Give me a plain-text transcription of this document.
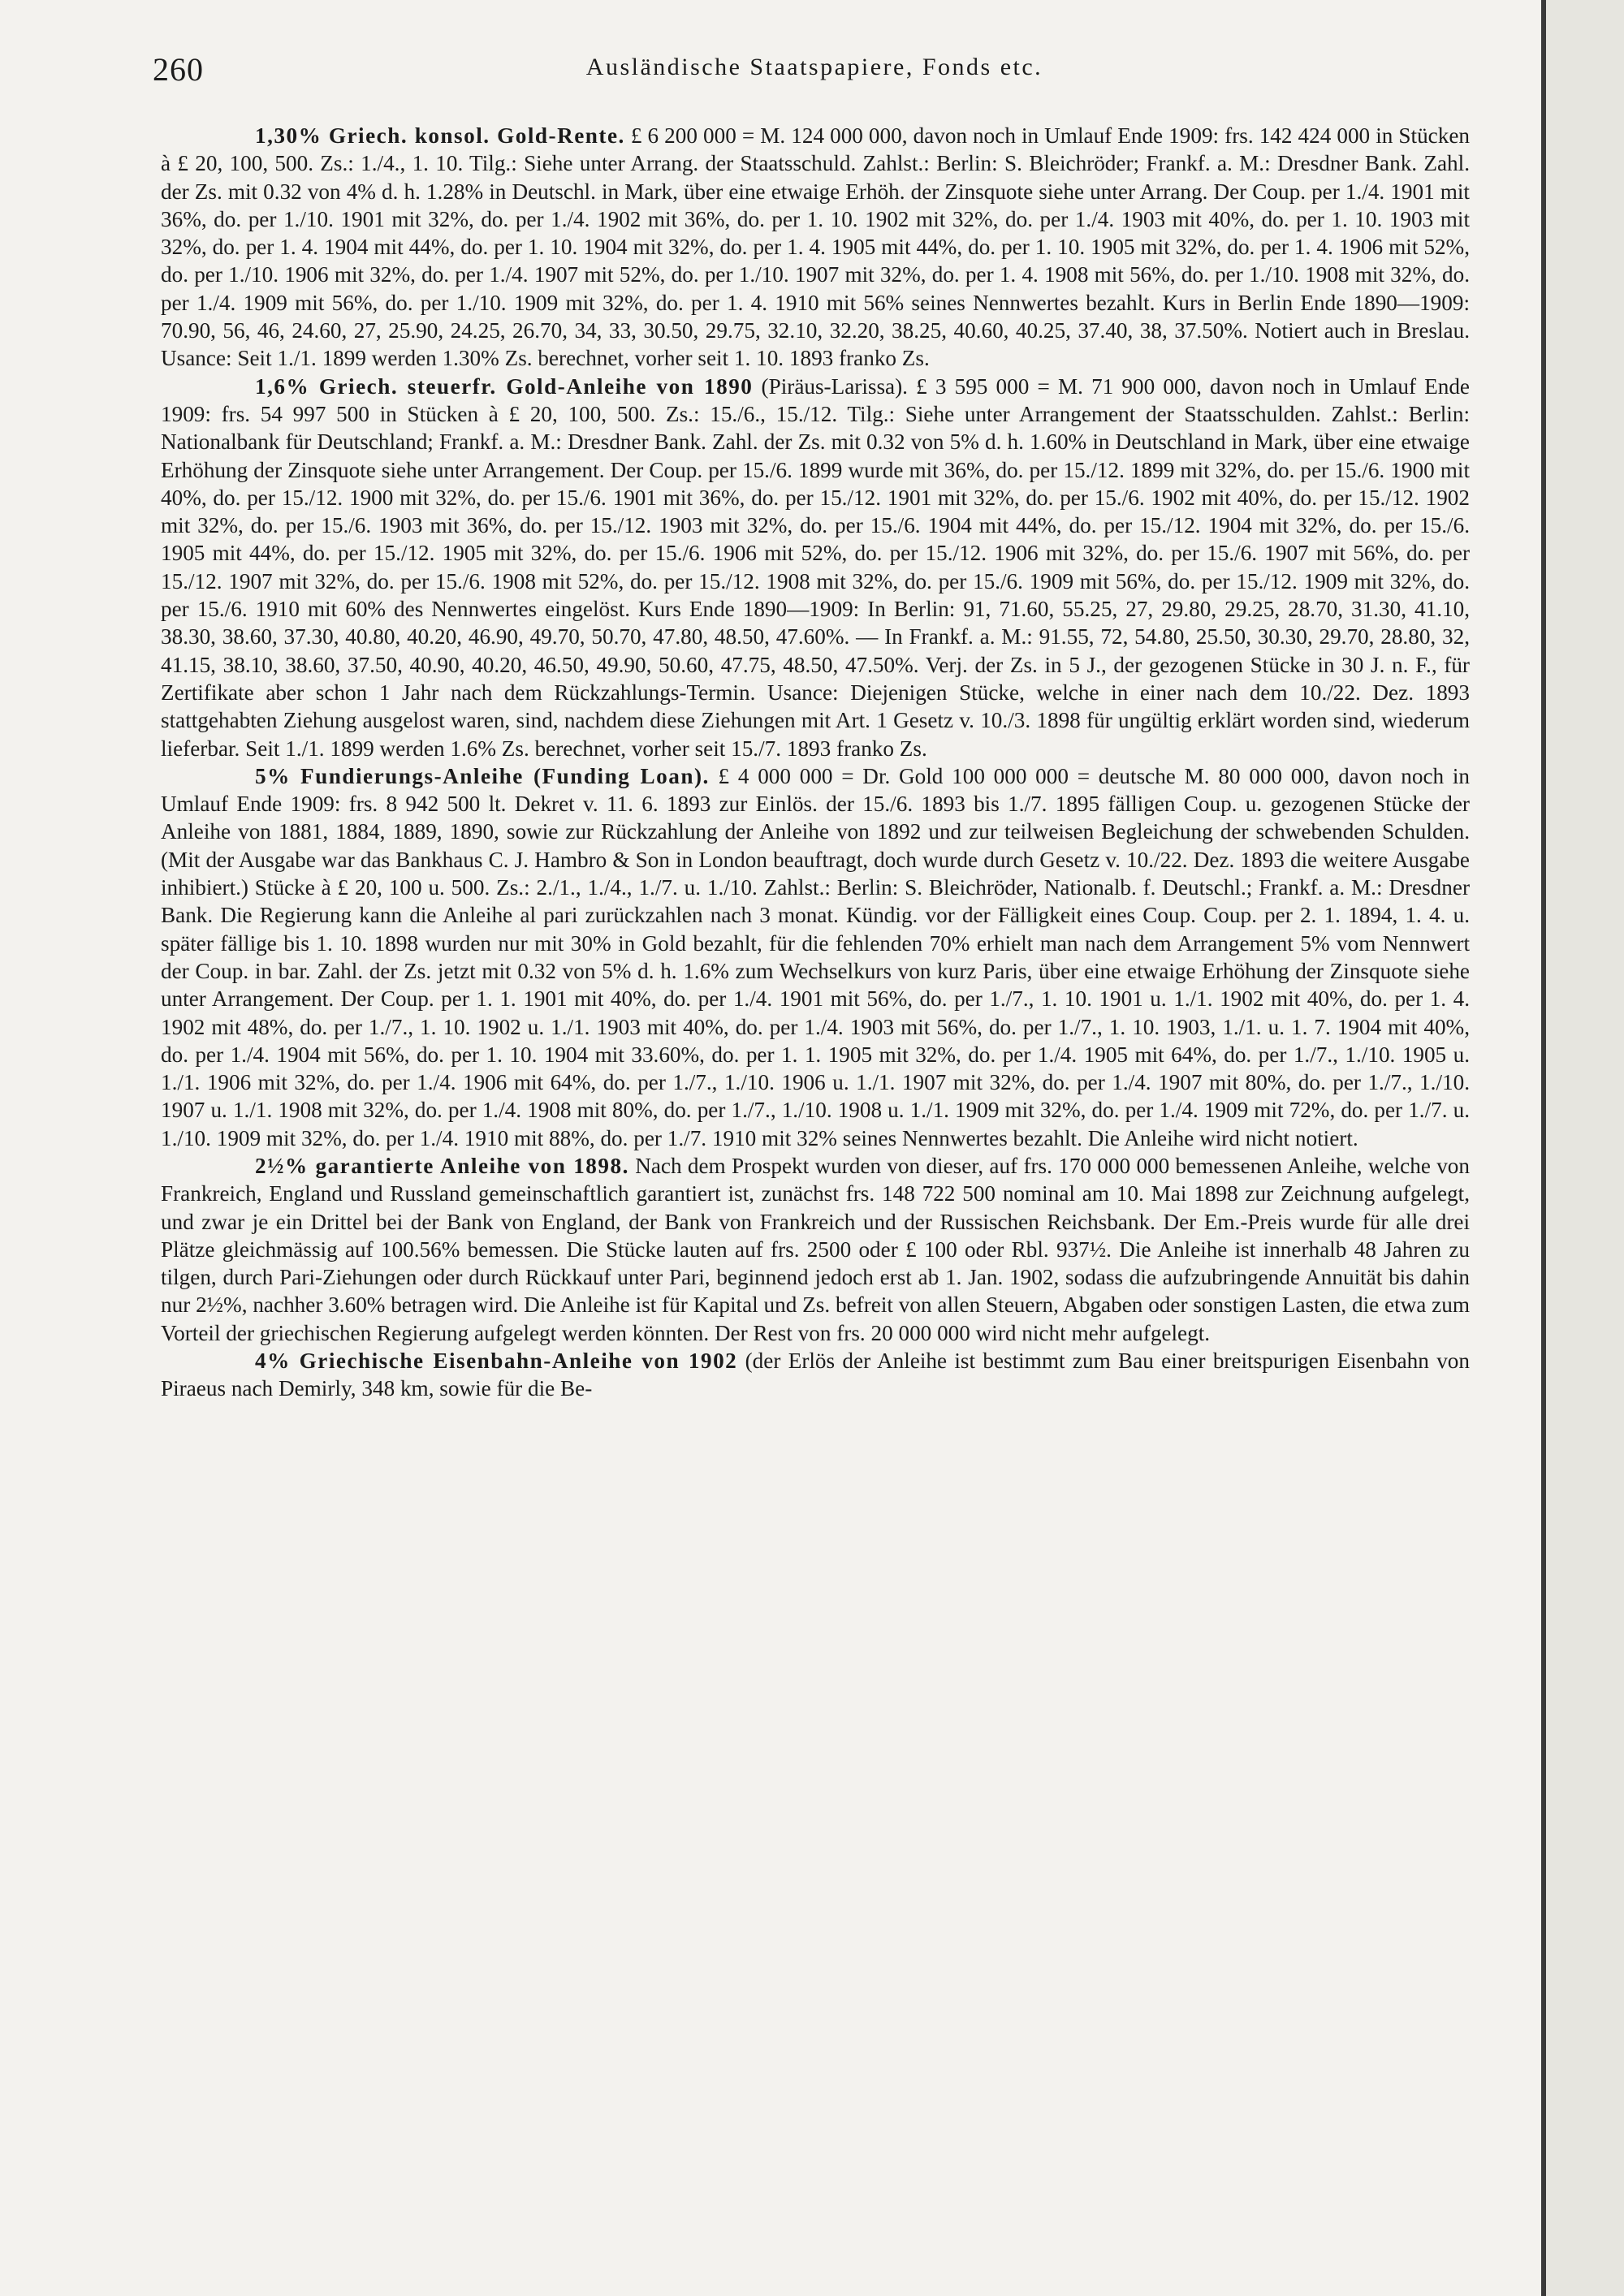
260	Ausländische Staatspapiere, Fonds etc.

1,30% Griech. konsol. Gold-Rente. £ 6 200 000 = M. 124 000 000, davon noch in Umlauf Ende 1909: frs. 142 424 000 in Stücken à £ 20, 100, 500. Zs.: 1./4., 1. 10. Tilg.: Siehe unter Arrang. der Staatsschuld. Zahlst.: Berlin: S. Bleichröder; Frankf. a. M.: Dresdner Bank. Zahl. der Zs. mit 0.32 von 4% d. h. 1.28% in Deutschl. in Mark, über eine etwaige Erhöh. der Zinsquote siehe unter Arrang. Der Coup. per 1./4. 1901 mit 36%, do. per 1./10. 1901 mit 32%, do. per 1./4. 1902 mit 36%, do. per 1. 10. 1902 mit 32%, do. per 1./4. 1903 mit 40%, do. per 1. 10. 1903 mit 32%, do. per 1. 4. 1904 mit 44%, do. per 1. 10. 1904 mit 32%, do. per 1. 4. 1905 mit 44%, do. per 1. 10. 1905 mit 32%, do. per 1. 4. 1906 mit 52%, do. per 1./10. 1906 mit 32%, do. per 1./4. 1907 mit 52%, do. per 1./10. 1907 mit 32%, do. per 1. 4. 1908 mit 56%, do. per 1./10. 1908 mit 32%, do. per 1./4. 1909 mit 56%, do. per 1./10. 1909 mit 32%, do. per 1. 4. 1910 mit 56% seines Nennwertes bezahlt. Kurs in Berlin Ende 1890—1909: 70.90, 56, 46, 24.60, 27, 25.90, 24.25, 26.70, 34, 33, 30.50, 29.75, 32.10, 32.20, 38.25, 40.60, 40.25, 37.40, 38, 37.50%. Notiert auch in Breslau. Usance: Seit 1./1. 1899 werden 1.30% Zs. berechnet, vorher seit 1. 10. 1893 franko Zs.

1,6% Griech. steuerfr. Gold-Anleihe von 1890 (Piräus-Larissa). £ 3 595 000 = M. 71 900 000, davon noch in Umlauf Ende 1909: frs. 54 997 500 in Stücken à £ 20, 100, 500. Zs.: 15./6., 15./12. Tilg.: Siehe unter Arrangement der Staatsschulden. Zahlst.: Berlin: Nationalbank für Deutschland; Frankf. a. M.: Dresdner Bank. Zahl. der Zs. mit 0.32 von 5% d. h. 1.60% in Deutschland in Mark, über eine etwaige Erhöhung der Zinsquote siehe unter Arrangement. Der Coup. per 15./6. 1899 wurde mit 36%, do. per 15./12. 1899 mit 32%, do. per 15./6. 1900 mit 40%, do. per 15./12. 1900 mit 32%, do. per 15./6. 1901 mit 36%, do. per 15./12. 1901 mit 32%, do. per 15./6. 1902 mit 40%, do. per 15./12. 1902 mit 32%, do. per 15./6. 1903 mit 36%, do. per 15./12. 1903 mit 32%, do. per 15./6. 1904 mit 44%, do. per 15./12. 1904 mit 32%, do. per 15./6. 1905 mit 44%, do. per 15./12. 1905 mit 32%, do. per 15./6. 1906 mit 52%, do. per 15./12. 1906 mit 32%, do. per 15./6. 1907 mit 56%, do. per 15./12. 1907 mit 32%, do. per 15./6. 1908 mit 52%, do. per 15./12. 1908 mit 32%, do. per 15./6. 1909 mit 56%, do. per 15./12. 1909 mit 32%, do. per 15./6. 1910 mit 60% des Nennwertes eingelöst. Kurs Ende 1890—1909: In Berlin: 91, 71.60, 55.25, 27, 29.80, 29.25, 28.70, 31.30, 41.10, 38.30, 38.60, 37.30, 40.80, 40.20, 46.90, 49.70, 50.70, 47.80, 48.50, 47.60%. — In Frankf. a. M.: 91.55, 72, 54.80, 25.50, 30.30, 29.70, 28.80, 32, 41.15, 38.10, 38.60, 37.50, 40.90, 40.20, 46.50, 49.90, 50.60, 47.75, 48.50, 47.50%. Verj. der Zs. in 5 J., der gezogenen Stücke in 30 J. n. F., für Zertifikate aber schon 1 Jahr nach dem Rückzahlungs-Termin. Usance: Diejenigen Stücke, welche in einer nach dem 10./22. Dez. 1893 stattgehabten Ziehung ausgelost waren, sind, nachdem diese Ziehungen mit Art. 1 Gesetz v. 10./3. 1898 für ungültig erklärt worden sind, wiederum lieferbar. Seit 1./1. 1899 werden 1.6% Zs. berechnet, vorher seit 15./7. 1893 franko Zs.

5% Fundierungs-Anleihe (Funding Loan). £ 4 000 000 = Dr. Gold 100 000 000 = deutsche M. 80 000 000, davon noch in Umlauf Ende 1909: frs. 8 942 500 lt. Dekret v. 11. 6. 1893 zur Einlös. der 15./6. 1893 bis 1./7. 1895 fälligen Coup. u. gezogenen Stücke der Anleihe von 1881, 1884, 1889, 1890, sowie zur Rückzahlung der Anleihe von 1892 und zur teilweisen Begleichung der schwebenden Schulden. (Mit der Ausgabe war das Bankhaus C. J. Hambro & Son in London beauftragt, doch wurde durch Gesetz v. 10./22. Dez. 1893 die weitere Ausgabe inhibiert.) Stücke à £ 20, 100 u. 500. Zs.: 2./1., 1./4., 1./7. u. 1./10. Zahlst.: Berlin: S. Bleichröder, Nationalb. f. Deutschl.; Frankf. a. M.: Dresdner Bank. Die Regierung kann die Anleihe al pari zurückzahlen nach 3 monat. Kündig. vor der Fälligkeit eines Coup. Coup. per 2. 1. 1894, 1. 4. u. später fällige bis 1. 10. 1898 wurden nur mit 30% in Gold bezahlt, für die fehlenden 70% erhielt man nach dem Arrangement 5% vom Nennwert der Coup. in bar. Zahl. der Zs. jetzt mit 0.32 von 5% d. h. 1.6% zum Wechselkurs von kurz Paris, über eine etwaige Erhöhung der Zinsquote siehe unter Arrangement. Der Coup. per 1. 1. 1901 mit 40%, do. per 1./4. 1901 mit 56%, do. per 1./7., 1. 10. 1901 u. 1./1. 1902 mit 40%, do. per 1. 4. 1902 mit 48%, do. per 1./7., 1. 10. 1902 u. 1./1. 1903 mit 40%, do. per 1./4. 1903 mit 56%, do. per 1./7., 1. 10. 1903, 1./1. u. 1. 7. 1904 mit 40%, do. per 1./4. 1904 mit 56%, do. per 1. 10. 1904 mit 33.60%, do. per 1. 1. 1905 mit 32%, do. per 1./4. 1905 mit 64%, do. per 1./7., 1./10. 1905 u. 1./1. 1906 mit 32%, do. per 1./4. 1906 mit 64%, do. per 1./7., 1./10. 1906 u. 1./1. 1907 mit 32%, do. per 1./4. 1907 mit 80%, do. per 1./7., 1./10. 1907 u. 1./1. 1908 mit 32%, do. per 1./4. 1908 mit 80%, do. per 1./7., 1./10. 1908 u. 1./1. 1909 mit 32%, do. per 1./4. 1909 mit 72%, do. per 1./7. u. 1./10. 1909 mit 32%, do. per 1./4. 1910 mit 88%, do. per 1./7. 1910 mit 32% seines Nennwertes bezahlt. Die Anleihe wird nicht notiert.

2½% garantierte Anleihe von 1898. Nach dem Prospekt wurden von dieser, auf frs. 170 000 000 bemessenen Anleihe, welche von Frankreich, England und Russland gemeinschaftlich garantiert ist, zunächst frs. 148 722 500 nominal am 10. Mai 1898 zur Zeichnung aufgelegt, und zwar je ein Drittel bei der Bank von England, der Bank von Frankreich und der Russischen Reichsbank. Der Em.-Preis wurde für alle drei Plätze gleichmässig auf 100.56% bemessen. Die Stücke lauten auf frs. 2500 oder £ 100 oder Rbl. 937½. Die Anleihe ist innerhalb 48 Jahren zu tilgen, durch Pari-Ziehungen oder durch Rückkauf unter Pari, beginnend jedoch erst ab 1. Jan. 1902, sodass die aufzubringende Annuität bis dahin nur 2½%, nachher 3.60% betragen wird. Die Anleihe ist für Kapital und Zs. befreit von allen Steuern, Abgaben oder sonstigen Lasten, die etwa zum Vorteil der griechischen Regierung aufgelegt werden könnten. Der Rest von frs. 20 000 000 wird nicht mehr aufgelegt.

4% Griechische Eisenbahn-Anleihe von 1902 (der Erlös der Anleihe ist bestimmt zum Bau einer breitspurigen Eisenbahn von Piraeus nach Demirly, 348 km, sowie für die Be-
